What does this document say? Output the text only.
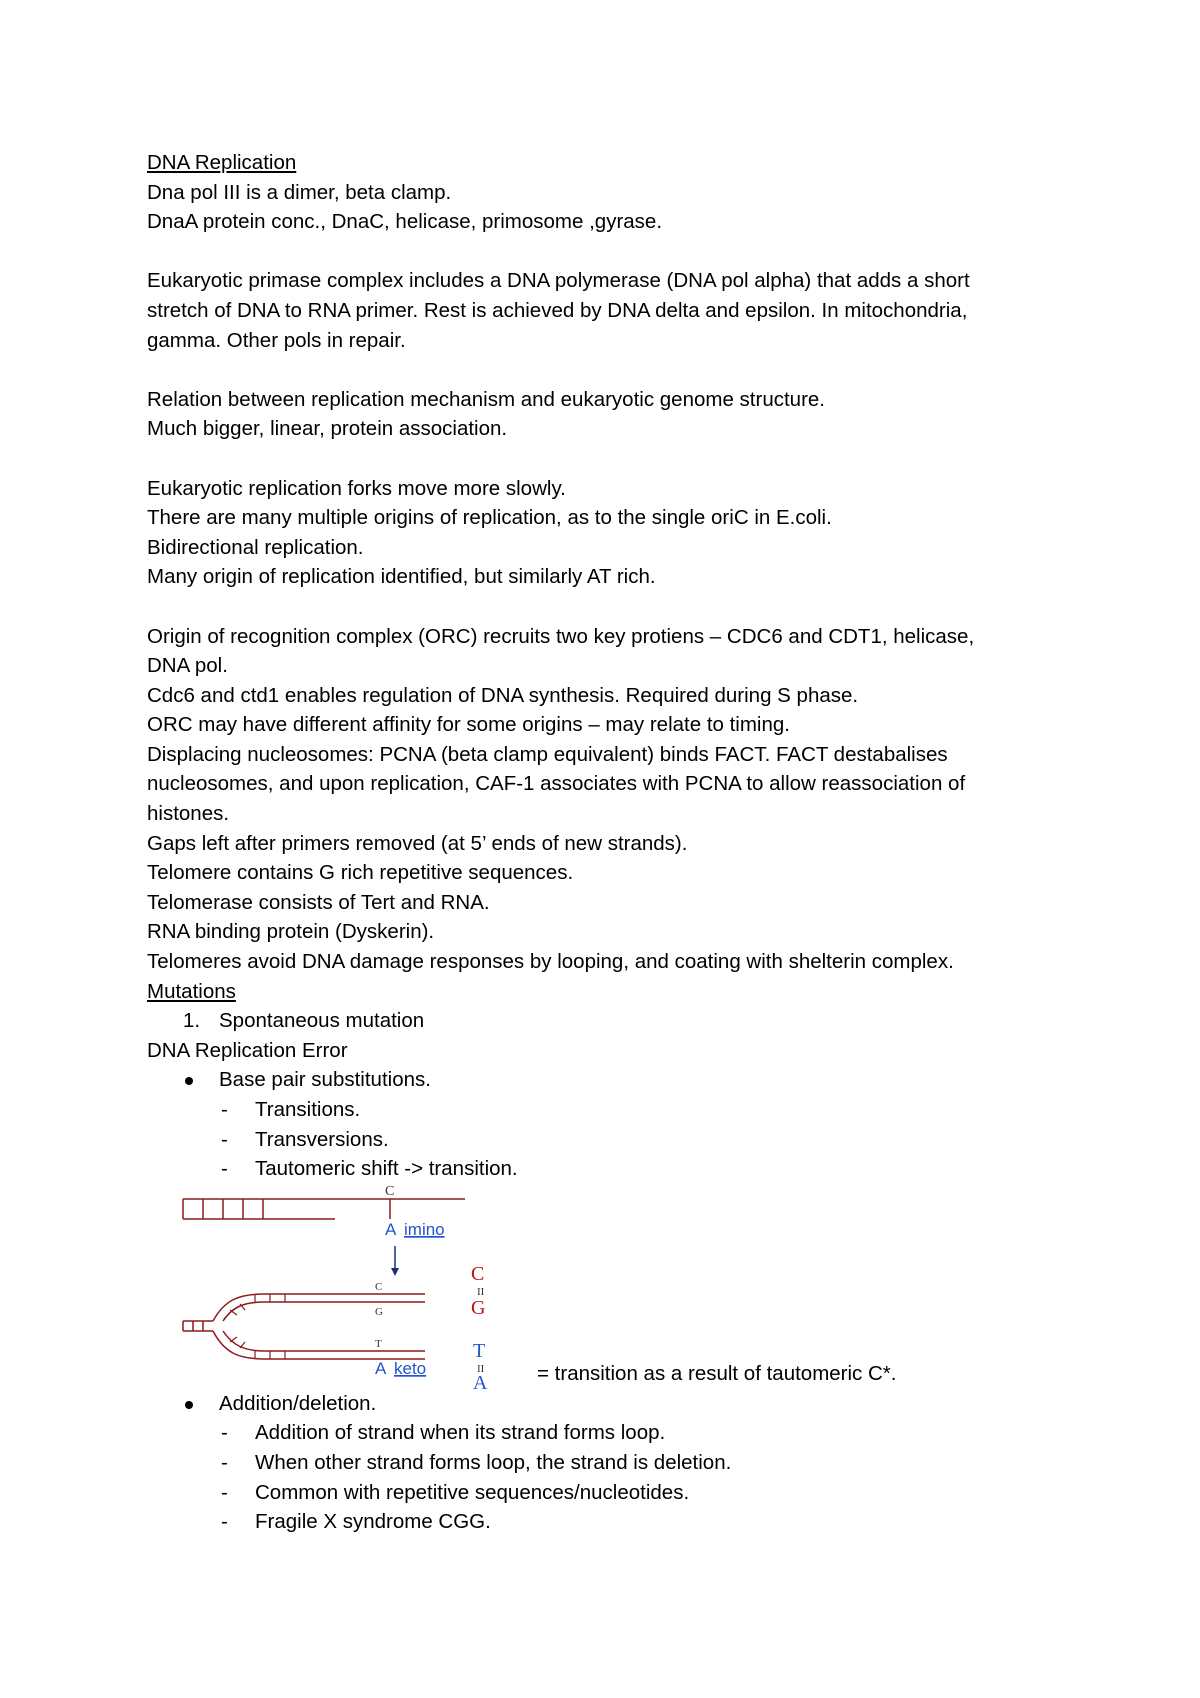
DNA Replication
Dna pol III is a dimer, beta clamp.
DnaA protein conc., DnaC, helicase, primosome ,gyrase.
Eukaryotic primase complex includes a DNA polymerase (DNA pol alpha) that adds a short
stretch of DNA to RNA primer. Rest is achieved by DNA delta and epsilon. In mitochondria,
gamma. Other pols in repair.
Relation between replication mechanism and eukaryotic genome structure.
Much bigger, linear, protein association.
Eukaryotic replication forks move more slowly.
There are many multiple origins of replication, as to the single oriC in E.coli.
Bidirectional replication.
Many origin of replication identified, but similarly AT rich.
Origin of recognition complex (ORC) recruits two key protiens – CDC6 and CDT1, helicase,
DNA pol.
Cdc6 and ctd1 enables regulation of DNA synthesis. Required during S phase.
ORC may have different affinity for some origins – may relate to timing.
Displacing nucleosomes: PCNA (beta clamp equivalent) binds FACT. FACT destabalises
nucleosomes, and upon replication, CAF-1 associates with PCNA to allow reassociation of
histones.
Gaps left after primers removed (at 5’ ends of new strands).
Telomere contains G rich repetitive sequences.
Telomerase consists of Tert and RNA.
RNA binding protein (Dyskerin).
Telomeres avoid DNA damage responses by looping, and coating with shelterin complex.
Mutations
1. Spontaneous mutation
DNA Replication Error
Base pair substitutions.
- Transitions.
- Transversions.
- Tautomeric shift -> transition.
C
A imino
C
G
T
A keto
C
II
G
T
II
A = transition as a result of tautomeric C*.
Addition/deletion.
- Addition of strand when its strand forms loop.
- When other strand forms loop, the strand is deletion.
- Common with repetitive sequences/nucleotides.
- Fragile X syndrome CGG.
